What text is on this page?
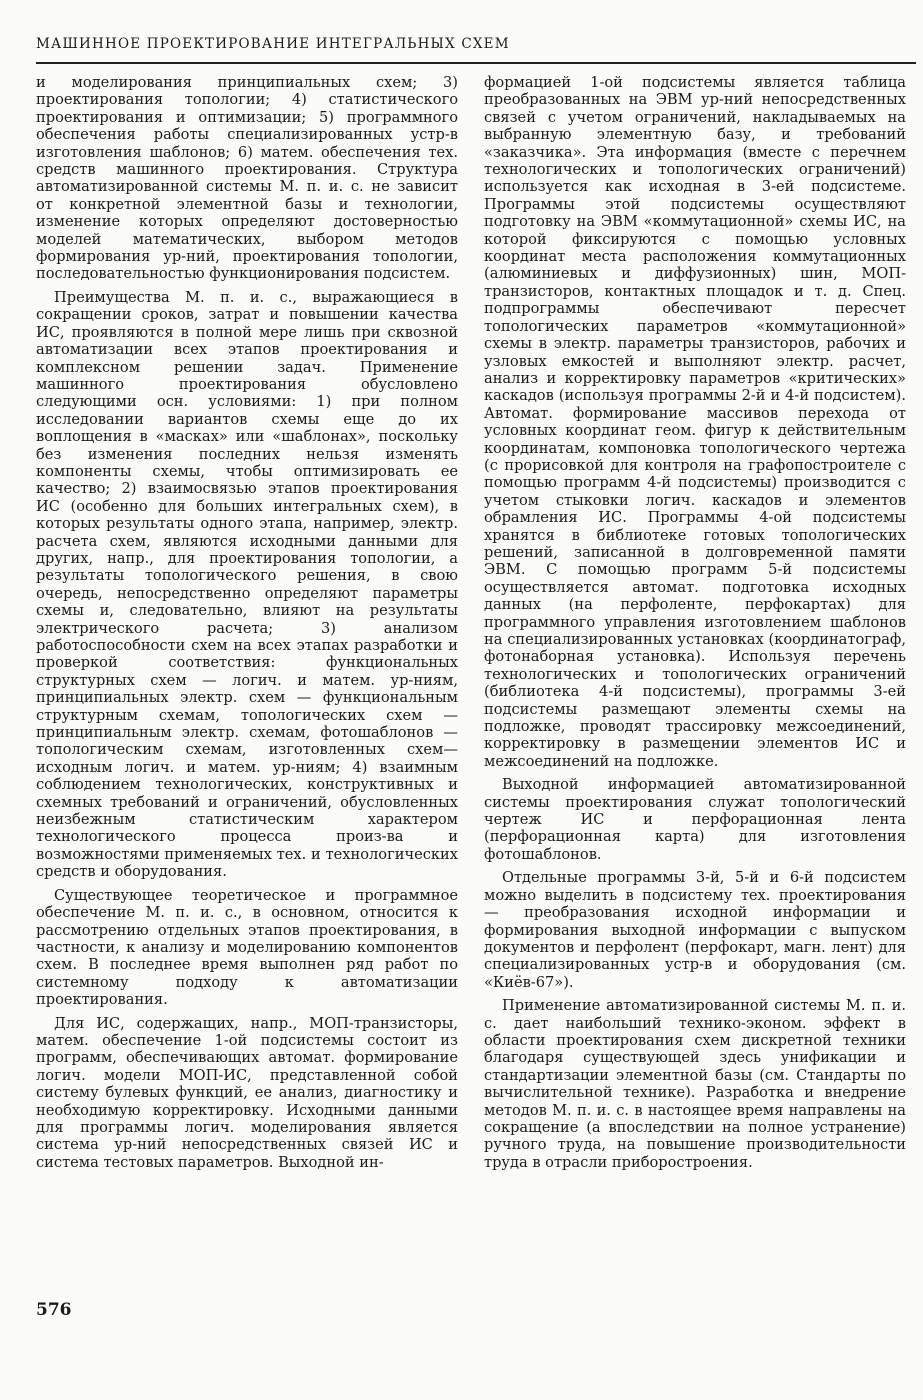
МАШИННОЕ ПРОЕКТИРОВАНИЕ ИНТЕГРАЛЬНЫХ СХЕМ

и моделирования принципиальных схем; 3) проектирования топологии; 4) статистического проектирования и оптимизации; 5) программного обеспечения работы специализированных устр-в изготовления шаблонов; 6) матем. обеспечения тех. средств машинного проектирования. Структура автоматизированной системы М. п. и. с. не зависит от конкретной элементной базы и технологии, изменение которых определяют достоверностью моделей математических, выбором методов формирования ур-ний, проектирования топологии, последовательностью функционирования подсистем.

Преимущества М. п. и. с., выражающиеся в сокращении сроков, затрат и повышении качества ИС, проявляются в полной мере лишь при сквозной автоматизации всех этапов проектирования и комплексном решении задач. Применение машинного проектирования обусловлено следующими осн. условиями: 1) при полном исследовании вариантов схемы еще до их воплощения в «масках» или «шаблонах», поскольку без изменения последних нельзя изменять компоненты схемы, чтобы оптимизировать ее качество; 2) взаимосвязью этапов проектирования ИС (особенно для больших интегральных схем), в которых результаты одного этапа, например, электр. расчета схем, являются исходными данными для других, напр., для проектирования топологии, а результаты топологического решения, в свою очередь, непосредственно определяют параметры схемы и, следовательно, влияют на результаты электрического расчета; 3) анализом работоспособности схем на всех этапах разработки и проверкой соответствия: функциональных структурных схем — логич. и матем. ур-ниям, принципиальных электр. схем — функциональным структурным схемам, топологических схем — принципиальным электр. схемам, фотошаблонов — топологическим схемам, изготовленных схем—исходным логич. и матем. ур-ниям; 4) взаимным соблюдением технологических, конструктивных и схемных требований и ограничений, обусловленных неизбежным статистическим характером технологического процесса произ-ва и возможностями применяемых тех. и технологических средств и оборудования.

Существующее теоретическое и программное обеспечение М. п. и. с., в основном, относится к рассмотрению отдельных этапов проектирования, в частности, к анализу и моделированию компонентов схем. В последнее время выполнен ряд работ по системному подходу к автоматизации проектирования.

Для ИС, содержащих, напр., МОП-транзисторы, матем. обеспечение 1-ой подсистемы состоит из программ, обеспечивающих автомат. формирование логич. модели МОП-ИС, представленной собой систему булевых функций, ее анализ, диагностику и необходимую корректировку. Исходными данными для программы логич. моделирования является система ур-ний непосредственных связей ИС и система тестовых параметров. Выходной ин-

формацией 1-ой подсистемы является таблица преобразованных на ЭВМ ур-ний непосредственных связей с учетом ограничений, накладываемых на выбранную элементную базу, и требований «заказчика». Эта информация (вместе с перечнем технологических и топологических ограничений) используется как исходная в 3-ей подсистеме. Программы этой подсистемы осуществляют подготовку на ЭВМ «коммутационной» схемы ИС, на которой фиксируются с помощью условных координат места расположения коммутационных (алюминиевых и диффузионных) шин, МОП-транзисторов, контактных площадок и т. д. Спец. подпрограммы обеспечивают пересчет топологических параметров «коммутационной» схемы в электр. параметры транзисторов, рабочих и узловых емкостей и выполняют электр. расчет, анализ и корректировку параметров «критических» каскадов (используя программы 2-й и 4-й подсистем). Автомат. формирование массивов перехода от условных координат геом. фигур к действительным координатам, компоновка топологического чертежа (с прорисовкой для контроля на графопостроителе с помощью программ 4-й подсистемы) производится с учетом стыковки логич. каскадов и элементов обрамления ИС. Программы 4-ой подсистемы хранятся в библиотеке готовых топологических решений, записанной в долговременной памяти ЭВМ. С помощью программ 5-й подсистемы осуществляется автомат. подготовка исходных данных (на перфоленте, перфокартах) для программного управления изготовлением шаблонов на специализированных установках (координатограф, фотонаборная установка). Используя перечень технологических и топологических ограничений (библиотека 4-й подсистемы), программы 3-ей подсистемы размещают элементы схемы на подложке, проводят трассировку межсоединений, корректировку в размещении элементов ИС и межсоединений на подложке.

Выходной информацией автоматизированной системы проектирования служат топологический чертеж ИС и перфорационная лента (перфорационная карта) для изготовления фотошаблонов.

Отдельные программы 3-й, 5-й и 6-й подсистем можно выделить в подсистему тех. проектирования — преобразования исходной информации и формирования выходной информации с выпуском документов и перфолент (перфокарт, магн. лент) для специализированных устр-в и оборудования (см. «Киёв-67»).

Применение автоматизированной системы М. п. и. с. дает наибольший технико-эконом. эффект в области проектирования схем дискретной техники благодаря существующей здесь унификации и стандартизации элементной базы (см. Стандарты по вычислительной технике). Разработка и внедрение методов М. п. и. с. в настоящее время направлены на сокращение (а впоследствии на полное устранение) ручного труда, на повышение производительности труда в отрасли приборостроения.

576
